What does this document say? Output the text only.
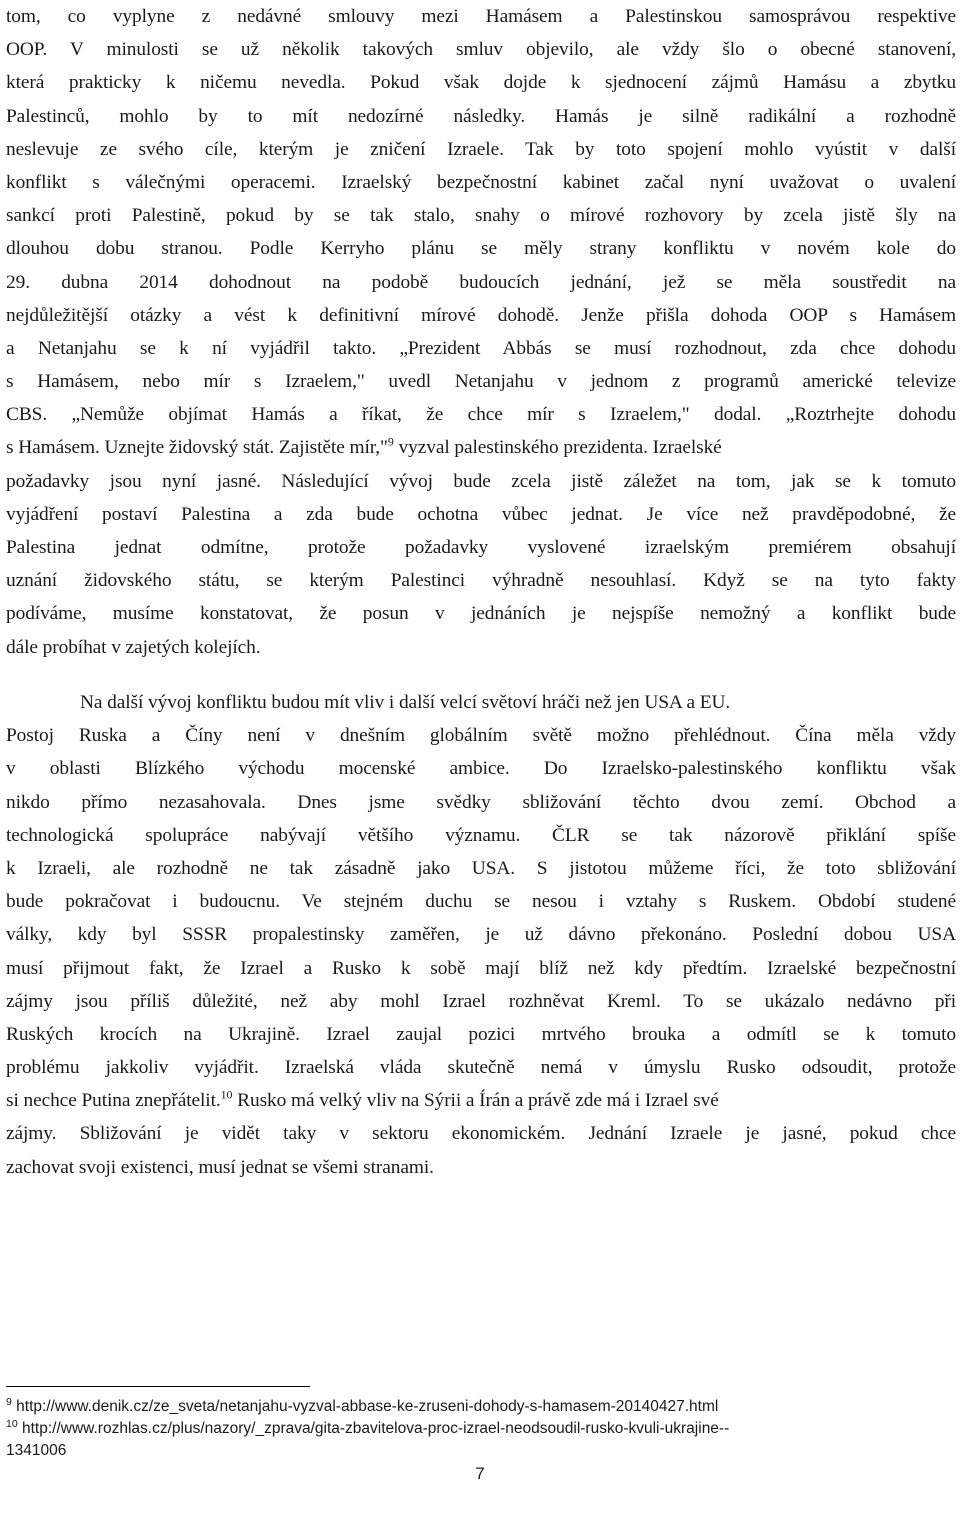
tom, co vyplyne z nedávné smlouvy mezi Hamásem a Palestinskou samosprávou respektive
OOP. V minulosti se už několik takových smluv objevilo, ale vždy šlo o obecné stanovení,
která prakticky k ničemu nevedla. Pokud však dojde k sjednocení zájmů Hamásu a zbytku
Palestinců, mohlo by to mít nedozírné následky. Hamás je silně radikální a rozhodně
neslevuje ze svého cíle, kterým je zničení Izraele. Tak by toto spojení mohlo vyústit v další
konflikt s válečnými operacemi. Izraelský bezpečnostní kabinet začal nyní uvažovat o uvalení
sankcí proti Palestině, pokud by se tak stalo, snahy o mírové rozhovory by zcela jistě šly na
dlouhou dobu stranou. Podle Kerryho plánu se měly strany konfliktu v novém kole do
29. dubna 2014 dohodnout na podobě budoucích jednání, jež se měla soustředit na
nejdůležitější otázky a vést k definitivní mírové dohodě. Jenže přišla dohoda OOP s Hamásem
a Netanjahu se k ní vyjádřil takto. „Prezident Abbás se musí rozhodnout, zda chce dohodu
s Hamásem, nebo mír s Izraelem," uvedl Netanjahu v jednom z programů americké televize
CBS. „Nemůže objímat Hamás a říkat, že chce mír s Izraelem," dodal. „Roztrhejte dohodu
s Hamásem. Uznejte židovský stát. Zajistěte mír,"$^9$ vyzval palestinského prezidenta. Izraelské
požadavky jsou nyní jasné. Následující vývoj bude zcela jistě záležet na tom, jak se k tomuto
vyjádření postaví Palestina a zda bude ochotna vůbec jednat. Je více než pravděpodobné, že
Palestina jednat odmítne, protože požadavky vyslovené izraelským premiérem obsahují
uznání židovského státu, se kterým Palestinci výhradně nesouhlasí. Když se na tyto fakty
podíváme, musíme konstatovat, že posun v jednáních je nejspíše nemožný a konflikt bude
dále probíhat v zajetých kolejích.
Na další vývoj konfliktu budou mít vliv i další velcí světoví hráči než jen USA a EU.
Postoj Ruska a Číny není v dnešním globálním světě možno přehlédnout. Čína měla vždy
v oblasti Blízkého východu mocenské ambice. Do Izraelsko-palestinského konfliktu však
nikdo přímo nezasahovala. Dnes jsme svědky sbližování těchto dvou zemí. Obchod a
technologická spolupráce nabývají většího významu. ČLR se tak názorově přiklání spíše
k Izraeli, ale rozhodně ne tak zásadně jako USA. S jistotou můžeme říci, že toto sbližování
bude pokračovat i budoucnu. Ve stejném duchu se nesou i vztahy s Ruskem. Období studené
války, kdy byl SSSR propalestinsky zaměřen, je už dávno překonáno. Poslední dobou USA
musí přijmout fakt, že Izrael a Rusko k sobě mají blíž než kdy předtím. Izraelské bezpečnostní
zájmy jsou příliš důležité, než aby mohl Izrael rozhněvat Kreml. To se ukázalo nedávno při
Ruských krocích na Ukrajině. Izrael zaujal pozici mrtvého brouka a odmítl se k tomuto
problému jakkoliv vyjádřit. Izraelská vláda skutečně nemá v úmyslu Rusko odsoudit, protože
si nechce Putina znepřátelit.$^{10}$ Rusko má velký vliv na Sýrii a Írán a právě zde má i Izrael své
zájmy. Sbližování je vidět taky v sektoru ekonomickém. Jednání Izraele je jasné, pokud chce
zachovat svoji existenci, musí jednat se všemi stranami.
$^9$ http://www.denik.cz/ze_sveta/netanjahu-vyzval-abbase-ke-zruseni-dohody-s-hamasem-20140427.html
$^{10}$ http://www.rozhlas.cz/plus/nazory/_zprava/gita-zbavitelova-proc-izrael-neodsoudil-rusko-kvuli-ukrajine--
1341006
7
